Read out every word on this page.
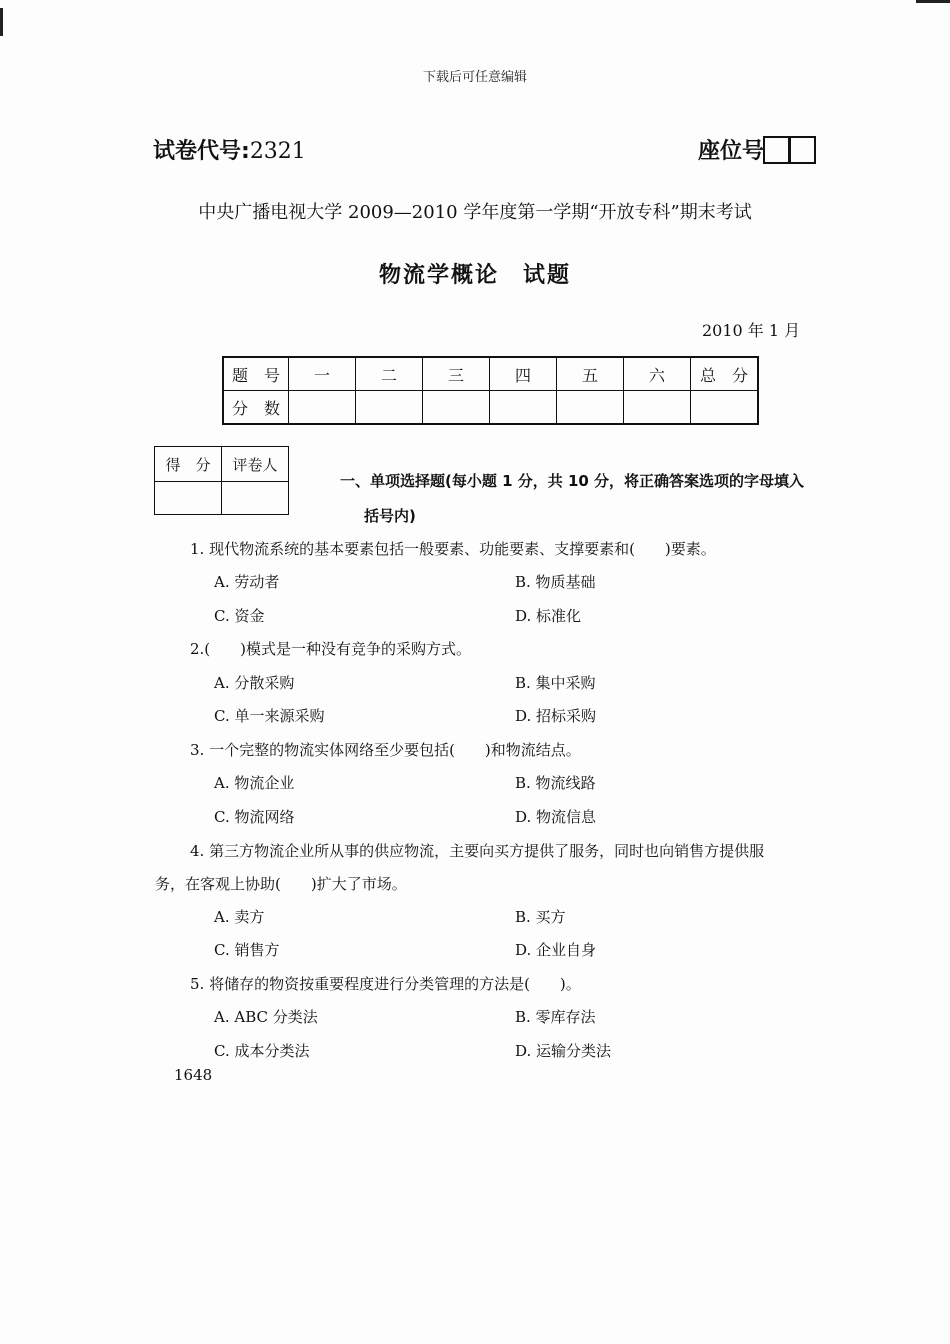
下载后可任意编辑
试卷代号:2321	座位号
中央广播电视大学 2009—2010 学年度第一学期“开放专科”期末考试
物流学概论　试题
2010 年 1 月
题　号	一	二	三	四	五	六	总　分
分　数							
得　分	评卷人

一、单项选择题(每小题 1 分，共 10 分，将正确答案选项的字母填入
括号内)
1. 现代物流系统的基本要素包括一般要素、功能要素、支撑要素和(　　)要素。
A. 劳动者	B. 物质基础
C. 资金	D. 标准化
2.(　　)模式是一种没有竞争的采购方式。
A. 分散采购	B. 集中采购
C. 单一来源采购	D. 招标采购
3. 一个完整的物流实体网络至少要包括(　　)和物流结点。
A. 物流企业	B. 物流线路
C. 物流网络	D. 物流信息
4. 第三方物流企业所从事的供应物流，主要向买方提供了服务，同时也向销售方提供服
务，在客观上协助(　　)扩大了市场。
A. 卖方	B. 买方
C. 销售方	D. 企业自身
5. 将储存的物资按重要程度进行分类管理的方法是(　　)。
A. ABC 分类法	B. 零库存法
C. 成本分类法	D. 运输分类法
1648
